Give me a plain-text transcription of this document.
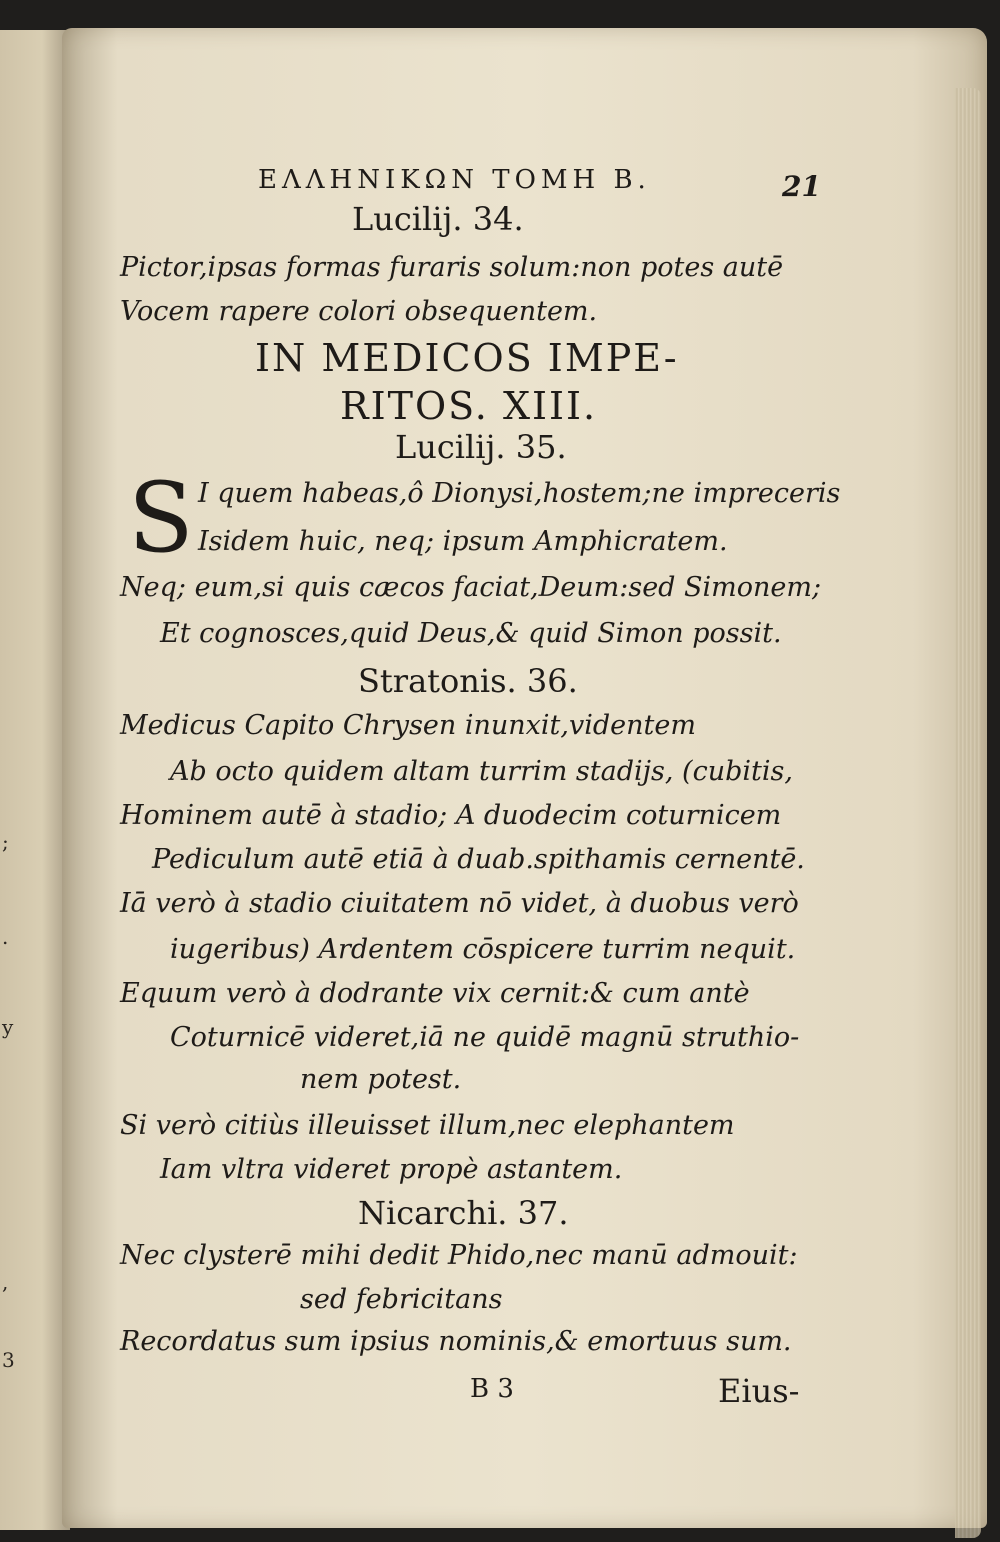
;
.
y
,
3
ΕΛΛΗΝΙΚΩΝ ΤΟΜΗ Β.	21
Lucilij. 34.
Pictor,ipsas formas furaris solum:non potes autē
Vocem rapere colori obsequentem.
IN MEDICOS IMPE-
RITOS. XIII.
Lucilij. 35.
S I quem habeas,ô Dionysi,hostem;ne impreceris
Isidem huic, neq; ipsum Amphicratem.
Neq; eum,si quis cæcos faciat,Deum:sed Simonem;
Et cognosces,quid Deus,& quid Simon possit.
Stratonis. 36.
Medicus Capito Chrysen inunxit,videntem
Ab octo quidem altam turrim stadijs, (cubitis,
Hominem autē à stadio; A duodecim coturnicem
Pediculum autē etiā à duab.spithamis cernentē.
Iā verò à stadio ciuitatem nō videt, à duobus verò
iugeribus) Ardentem cōspicere turrim nequit.
Equum verò à dodrante vix cernit:& cum antè
Coturnicē videret,iā ne quidē magnū struthio-
nem potest.
Si verò citiùs illeuisset illum,nec elephantem
Iam vltra videret propè astantem.
Nicarchi. 37.
Nec clysterē mihi dedit Phido,nec manū admouit:
sed febricitans
Recordatus sum ipsius nominis,& emortuus sum.
B 3	Eius-
